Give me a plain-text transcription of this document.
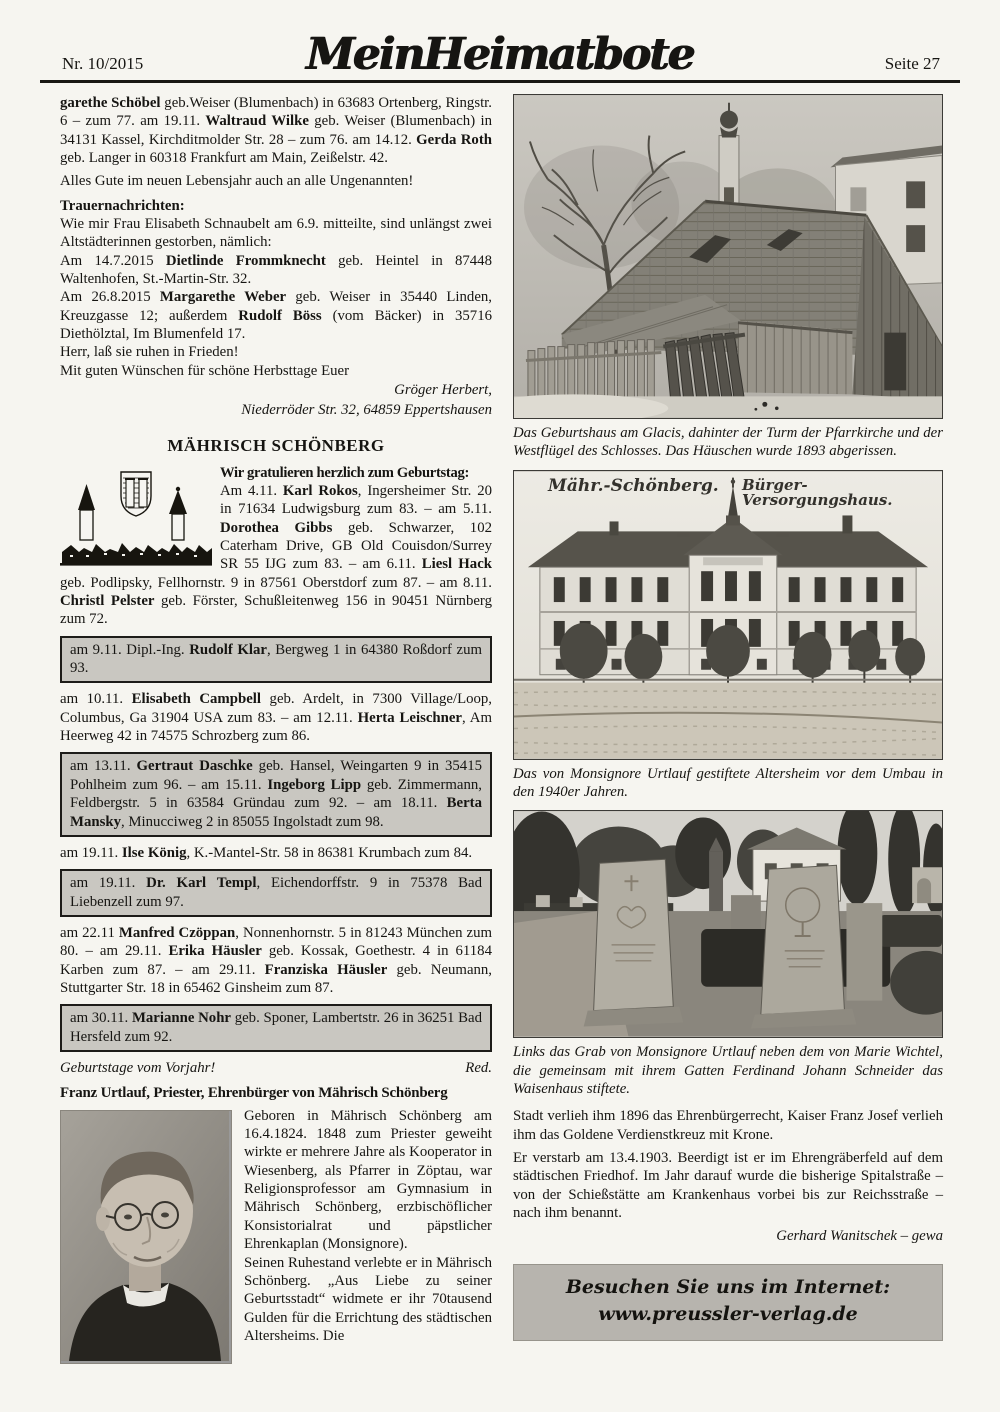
Nr. 10/2015	MeinHeimatbote	Seite 27
garethe Schöbel geb.Weiser (Blumenbach) in 63683 Ortenberg, Ringstr. 6 – zum 77. am 19.11. Waltraud Wilke geb. Weiser (Blumenbach) in 34131 Kassel, Kirchditmolder Str. 28 – zum 76. am 14.12. Gerda Roth geb. Langer in 60318 Frankfurt am Main, Zeißelstr. 42.
Alles Gute im neuen Lebensjahr auch an alle Ungenannten!
Trauernachrichten:
Wie mir Frau Elisabeth Schnaubelt am 6.9. mitteilte, sind unlängst zwei Altstädterinnen gestorben, nämlich:
Am 14.7.2015 Dietlinde Frommknecht geb. Heintel in 87448 Waltenhofen, St.-Martin-Str. 32.
Am 26.8.2015 Margarethe Weber geb. Weiser in 35440 Linden, Kreuzgasse 12; außerdem Rudolf Böss (vom Bäcker) in 35716 Diethölztal, Im Blumenfeld 17.
Herr, laß sie ruhen in Frieden!
Mit guten Wünschen für schöne Herbsttage Euer
Gröger Herbert,
Niederröder Str. 32, 64859 Eppertshausen
MÄHRISCH SCHÖNBERG
Wir gratulieren herzlich zum Geburtstag:
Am 4.11. Karl Rokos, Ingersheimer Str. 20 in 71634 Ludwigsburg zum 83. – am 5.11. Dorothea Gibbs geb. Schwarzer, 102 Caterham Drive, GB Old Couisdon/Surrey SR 55 IJG zum 83. – am 6.11. Liesl Hack geb. Podlipsky, Fellhornstr. 9 in 87561 Oberstdorf zum 87. – am 8.11. Christl Pelster geb. Förster, Schußleitenweg 156 in 90451 Nürnberg zum 72.
am 9.11. Dipl.-Ing. Rudolf Klar, Bergweg 1 in 64380 Roßdorf zum 93.
am 10.11. Elisabeth Campbell geb. Ardelt, in 7300 Village/Loop, Columbus, Ga 31904 USA zum 83. – am 12.11. Herta Leischner, Am Heerweg 42 in 74575 Schrozberg zum 86.
am 13.11. Gertraut Daschke geb. Hansel, Weingarten 9 in 35415 Pohlheim zum 96. – am 15.11. Ingeborg Lipp geb. Zimmermann, Feldbergstr. 5 in 63584 Gründau zum 92. – am 18.11. Berta Mansky, Minucciweg 2 in 85055 Ingolstadt zum 98.
am 19.11. Ilse König, K.-Mantel-Str. 58 in 86381 Krumbach zum 84.
am 19.11. Dr. Karl Templ, Eichendorffstr. 9 in 75378 Bad Liebenzell zum 97.
am 22.11 Manfred Czöppan, Nonnenhornstr. 5 in 81243 München zum 80. – am 29.11. Erika Häusler geb. Kossak, Goethestr. 4 in 61184 Karben zum 87. – am 29.11. Franziska Häusler geb. Neumann, Stuttgarter Str. 18 in 65462 Ginsheim zum 87.
am 30.11. Marianne Nohr geb. Sponer, Lambertstr. 26 in 36251 Bad Hersfeld zum 92.
Geburtstage vom Vorjahr!	Red.
Franz Urtlauf, Priester, Ehrenbürger von Mährisch Schönberg
Geboren in Mährisch Schönberg am 16.4.1824. 1848 zum Priester geweiht wirkte er mehrere Jahre als Kooperator in Wiesenberg, als Pfarrer in Zöptau, war Religionsprofessor am Gymnasium in Mährisch Schönberg, erzbischöflicher Konsistorialrat und päpstlicher Ehrenkaplan (Monsignore).
Seinen Ruhestand verlebte er in Mährisch Schönberg. „Aus Liebe zu seiner Geburtsstadt“ widmete er ihr 70tausend Gulden für die Errichtung des städtischen Altersheims. Die
Das Geburtshaus am Glacis, dahinter der Turm der Pfarrkirche und der Westflügel des Schlosses. Das Häuschen wurde 1893 abgerissen.
Mähr.-Schönberg. Bürger-Versorgungshaus.
Das von Monsignore Urtlauf gestiftete Altersheim vor dem Umbau in den 1940er Jahren.
Links das Grab von Monsignore Urtlauf neben dem von Marie Wichtel, die gemeinsam mit ihrem Gatten Ferdinand Johann Schneider das Waisenhaus stiftete.
Stadt verlieh ihm 1896 das Ehrenbürgerrecht, Kaiser Franz Josef verlieh ihm das Goldene Verdienstkreuz mit Krone.
Er verstarb am 13.4.1903. Beerdigt ist er im Ehrengräberfeld auf dem städtischen Friedhof. Im Jahr darauf wurde die bisherige Spitalstraße – von der Schießstätte am Krankenhaus vorbei bis zur Reichsstraße – nach ihm benannt.
Gerhard Wanitschek – gewa
Besuchen Sie uns im Internet:
www.preussler-verlag.de
